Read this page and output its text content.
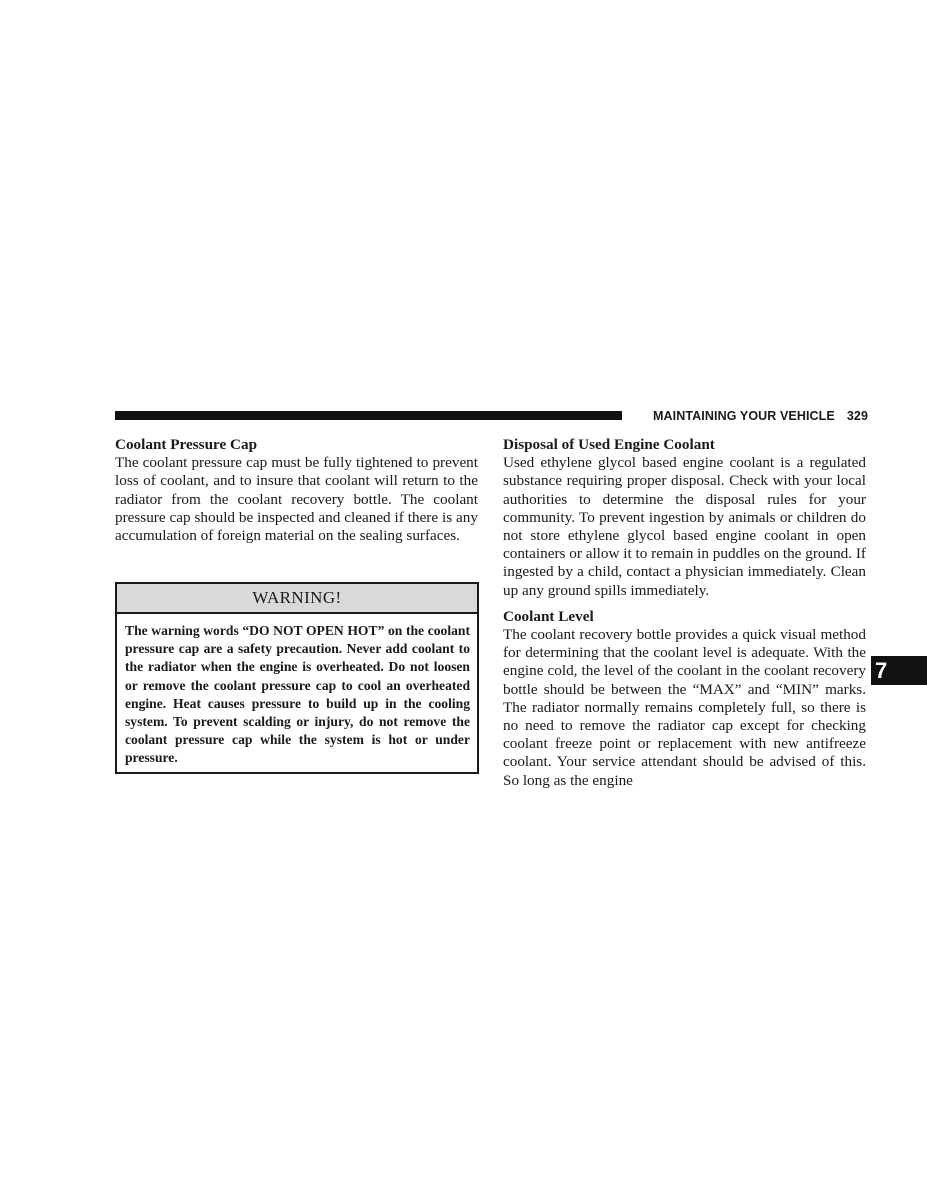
MAINTAINING YOUR VEHICLE 329

Coolant Pressure Cap

The coolant pressure cap must be fully tightened to prevent loss of coolant, and to insure that coolant will return to the radiator from the coolant recovery bottle. The coolant pressure cap should be inspected and cleaned if there is any accumulation of foreign material on the sealing surfaces.

WARNING!

The warning words “DO NOT OPEN HOT” on the coolant pressure cap are a safety precaution. Never add coolant to the radiator when the engine is overheated. Do not loosen or remove the coolant pressure cap to cool an overheated engine. Heat causes pressure to build up in the cooling system. To prevent scalding or injury, do not remove the coolant pressure cap while the system is hot or under pressure.

Disposal of Used Engine Coolant

Used ethylene glycol based engine coolant is a regulated substance requiring proper disposal. Check with your local authorities to determine the disposal rules for your community. To prevent ingestion by animals or children do not store ethylene glycol based engine coolant in open containers or allow it to remain in puddles on the ground. If ingested by a child, contact a physician immediately. Clean up any ground spills immediately.

Coolant Level

The coolant recovery bottle provides a quick visual method for determining that the coolant level is adequate. With the engine cold, the level of the coolant in the coolant recovery bottle should be between the “MAX” and “MIN” marks. The radiator normally remains completely full, so there is no need to remove the radiator cap except for checking coolant freeze point or replacement with new antifreeze coolant. Your service attendant should be advised of this. So long as the engine

7
